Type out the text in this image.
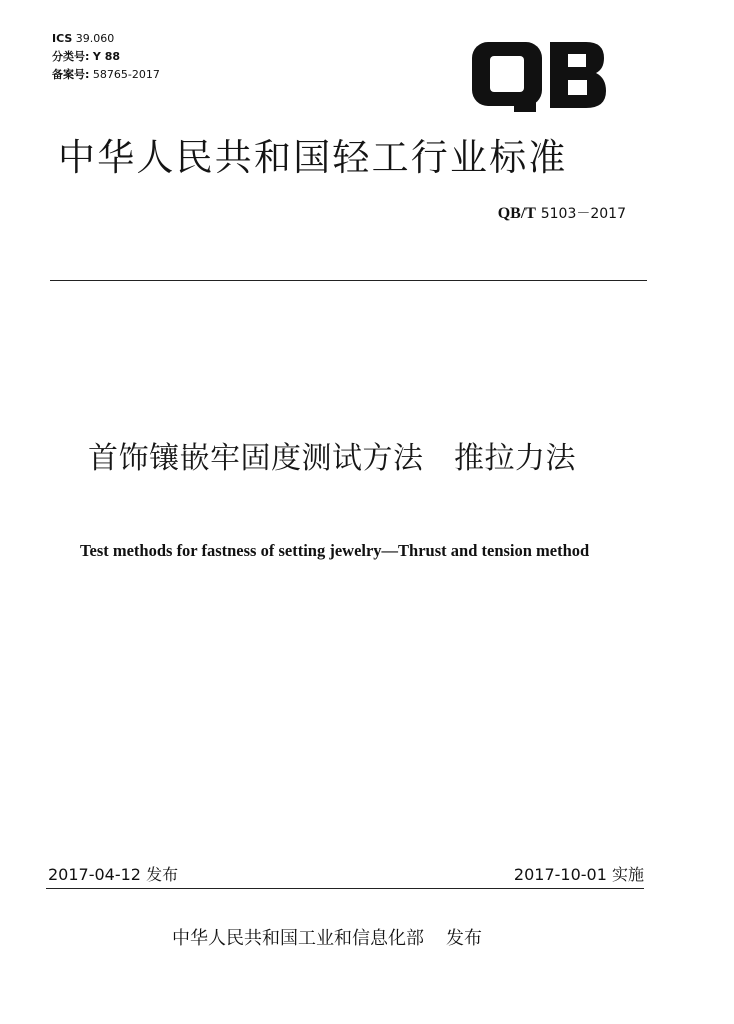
ICS 39.060
分类号: Y 88
备案号: 58765-2017
中华人民共和国轻工行业标准
QB/T 5103－2017
首饰镶嵌牢固度测试方法　推拉力法
Test methods for fastness of setting jewelry—Thrust and tension method
2017-04-12 发布	2017-10-01 实施
中华人民共和国工业和信息化部 发布
